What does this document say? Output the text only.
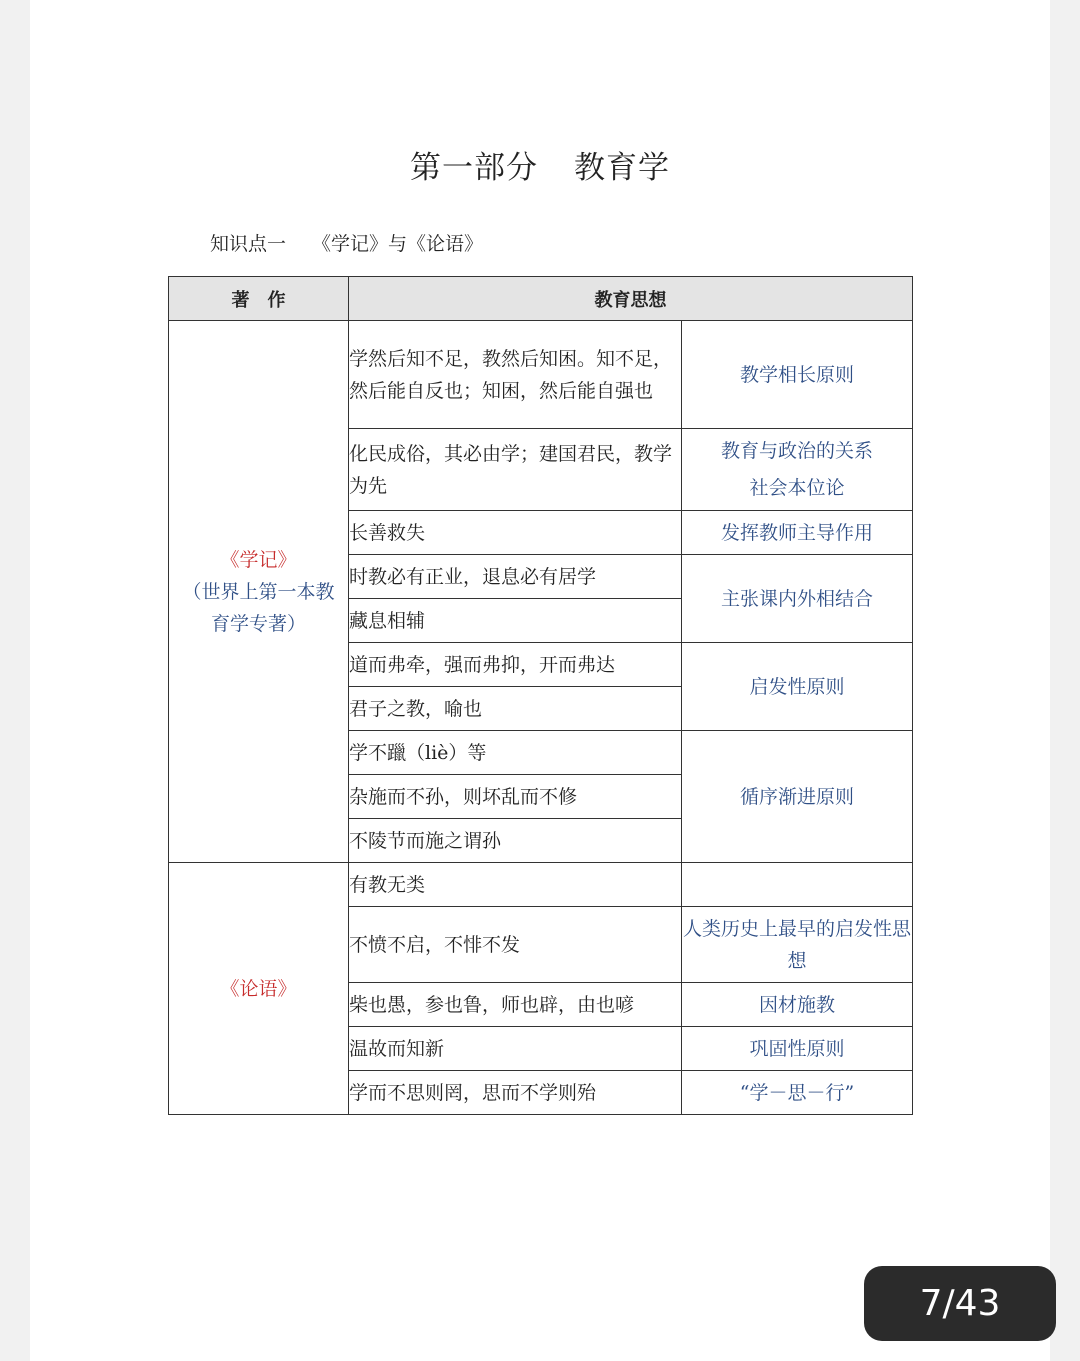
第一部分 教育学
知识点一 《学记》与《论语》
著　作	教育思想	

《学记》
（世界上第一本教
育学专著）	学然后知不足，教然后知困。知不足，然后能自反也；知困，然后能自强也	教学相长原则
	化民成俗，其必由学；建国君民，教学为先	教育与政治的关系
社会本位论

	长善救失	发挥教师主导作用
	时教必有正业，退息必有居学	主张课内外相结合
	藏息相辅	
	道而弗牵，强而弗抑，开而弗达	启发性原则
	君子之教，喻也	
	学不躐（liè）等	循序渐进原则
	杂施而不孙，则坏乱而不修	
	不陵节而施之谓孙	

《论语》	有教无类	
	不愤不启，不悱不发	人类历史上最早的启发性思想
	柴也愚，参也鲁，师也辟，由也喭	因材施教
	温故而知新	巩固性原则
	学而不思则罔，思而不学则殆	“学－思－行”
7/43
